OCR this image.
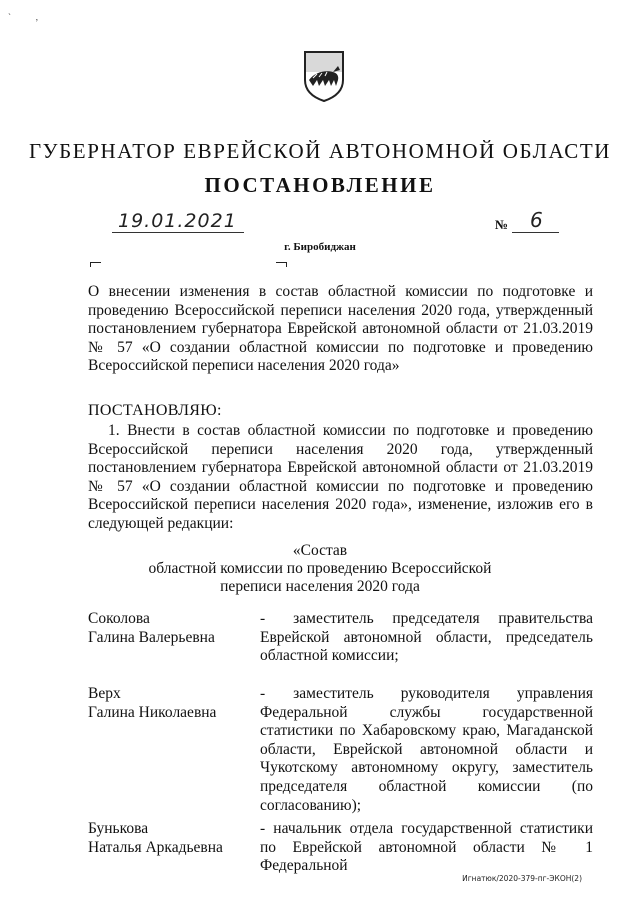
`           ,
ГУБЕРНАТОР ЕВРЕЙСКОЙ АВТОНОМНОЙ ОБЛАСТИ
ПОСТАНОВЛЕНИЕ
19.01.2021	№ 6
г. Биробиджан
О внесении изменения в состав областной комиссии по подготовке и проведению Всероссийской переписи населения 2020 года, утвержденный постановлением губернатора Еврейской автономной области от 21.03.2019 № 57 «О создании областной комиссии по подготовке и проведению Всероссийской переписи населения 2020 года»
ПОСТАНОВЛЯЮ:
1. Внести в состав областной комиссии по подготовке и проведению Всероссийской переписи населения 2020 года, утвержденный постановлением губернатора Еврейской автономной области от 21.03.2019 № 57 «О создании областной комиссии по подготовке и проведению Всероссийской переписи населения 2020 года», изменение, изложив его в следующей редакции:
«Состав
областной комиссии по проведению Всероссийской
переписи населения 2020 года
Соколова
Галина Валерьевна
- заместитель председателя правительства Еврейской автономной области, председатель областной комиссии;
Верх
Галина Николаевна
- заместитель руководителя управления Федеральной службы государственной статистики по Хабаровскому краю, Магаданской области, Еврейской автономной области и Чукотскому автономному округу, заместитель председателя областной комиссии (по согласованию);
Бунькова
Наталья Аркадьевна
- начальник отдела государственной статистики по Еврейской автономной области № 1 Федеральной
Игнатюк/2020-379-пг-ЭКОН(2)
